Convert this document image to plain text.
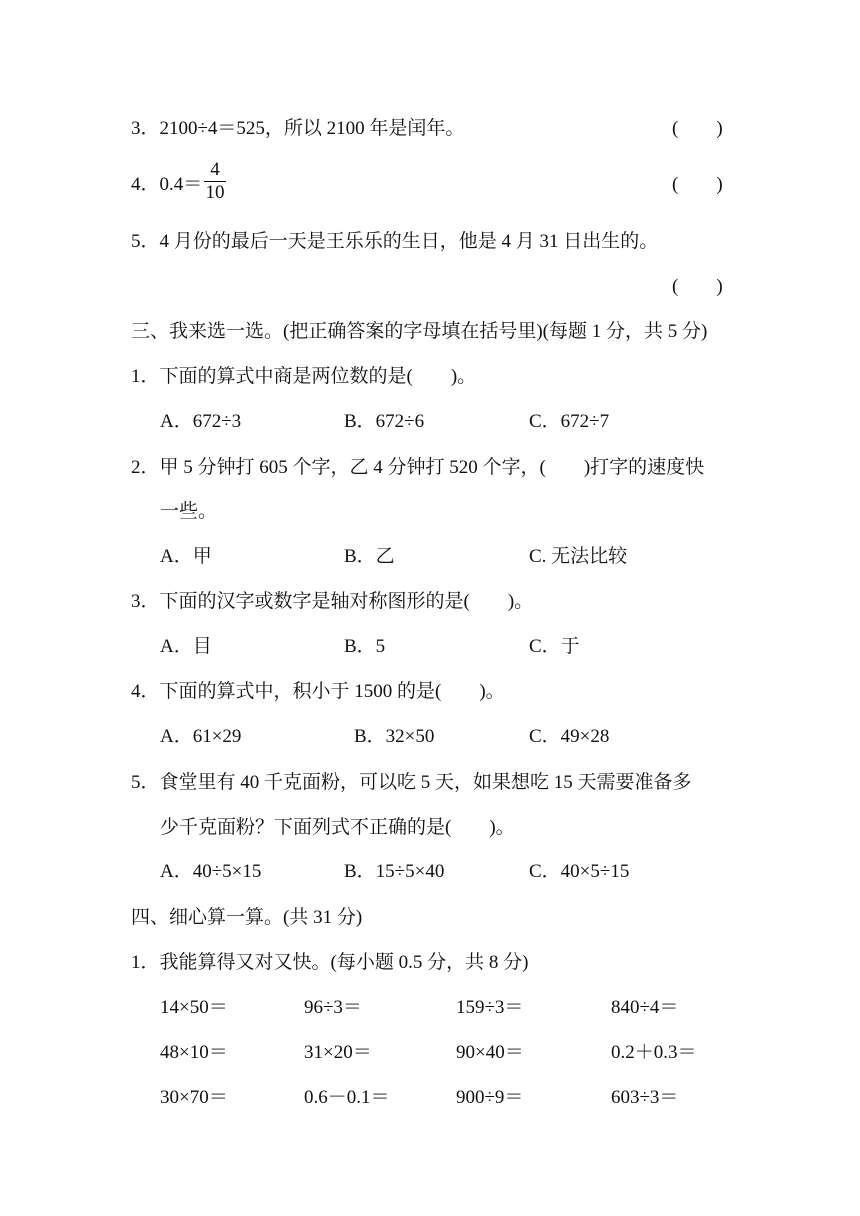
3．2100÷4＝525，所以 2100 年是闰年。	(　　)
4．$0.4= \frac{4}{10}$	(　　)
5．4 月份的最后一天是王乐乐的生日，他是 4 月 31 日出生的。
(　　)
三、我来选一选。(把正确答案的字母填在括号里)(每题 1 分，共 5 分)
1．下面的算式中商是两位数的是(　　)。
A．672÷3	B．672÷6	C．672÷7
2．甲 5 分钟打 605 个字，乙 4 分钟打 520 个字，(　　)打字的速度快
一些。
A．甲	B．乙	C. 无法比较
3．下面的汉字或数字是轴对称图形的是(　　)。
A．目	B．5	C．于
4．下面的算式中，积小于 1500 的是(　　)。
A．61×29	B．32×50	C．49×28
5．食堂里有 40 千克面粉，可以吃 5 天，如果想吃 15 天需要准备多
少千克面粉？下面列式不正确的是(　　)。
A．40÷5×15	B．15÷5×40	C．40×5÷15
四、细心算一算。(共 31 分)
1．我能算得又对又快。(每小题 0.5 分，共 8 分)
14×50＝	96÷3＝	159÷3＝	840÷4＝
48×10＝	31×20＝	90×40＝	0.2＋0.3＝
30×70＝	0.6－0.1＝	900÷9＝	603÷3＝
